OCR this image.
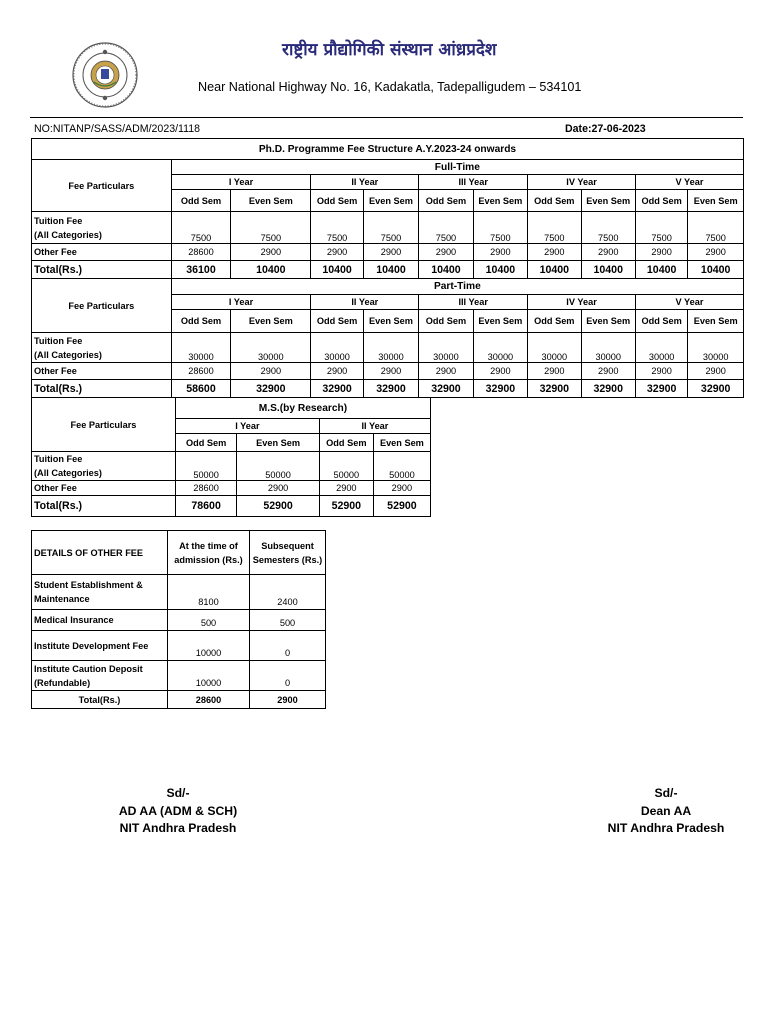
राष्ट्रीय प्रौद्योगिकी संस्थान आंध्रप्रदेश
Near National Highway No. 16, Kadakatla, Tadepalligudem – 534101
NO:NITANP/SASS/ADM/2023/1118	Date:27-06-2023
Ph.D. Programme Fee Structure A.Y.2023-24 onwards										
Fee Particulars	Full-Time									
	I Year		II Year		III Year		IV Year		V Year	
	Odd Sem	Even Sem	Odd Sem	Even Sem	Odd Sem	Even Sem	Odd Sem	Even Sem	Odd Sem	Even Sem
Tuition Fee
(All Categories)	7500	7500	7500	7500	7500	7500	7500	7500	7500	7500
Other Fee	28600	2900	2900	2900	2900	2900	2900	2900	2900	2900
Total(Rs.)	36100	10400	10400	10400	10400	10400	10400	10400	10400	10400
Fee Particulars	Part-Time									
	I Year		II Year		III Year		IV Year		V Year	
	Odd Sem	Even Sem	Odd Sem	Even Sem	Odd Sem	Even Sem	Odd Sem	Even Sem	Odd Sem	Even Sem
Tuition Fee
(All Categories)	30000	30000	30000	30000	30000	30000	30000	30000	30000	30000
Other Fee	28600	2900	2900	2900	2900	2900	2900	2900	2900	2900
Total(Rs.)	58600	32900	32900	32900	32900	32900	32900	32900	32900	32900
Fee Particulars	M.S.(by Research)			
	I Year		II Year	
	Odd Sem	Even Sem	Odd Sem	Even Sem
Tuition Fee
(All Categories)	50000	50000	50000	50000
Other Fee	28600	2900	2900	2900
Total(Rs.)	78600	52900	52900	52900
DETAILS OF OTHER FEE	At the time of admission (Rs.)	Subsequent Semesters (Rs.)
Student Establishment & Maintenance	8100	2400
Medical Insurance	500	500
Institute Development Fee	10000	0
Institute Caution Deposit (Refundable)	10000	0
Total(Rs.)	28600	2900
Sd/-
AD AA (ADM & SCH)
NIT Andhra Pradesh
Sd/-
Dean AA
NIT Andhra Pradesh
